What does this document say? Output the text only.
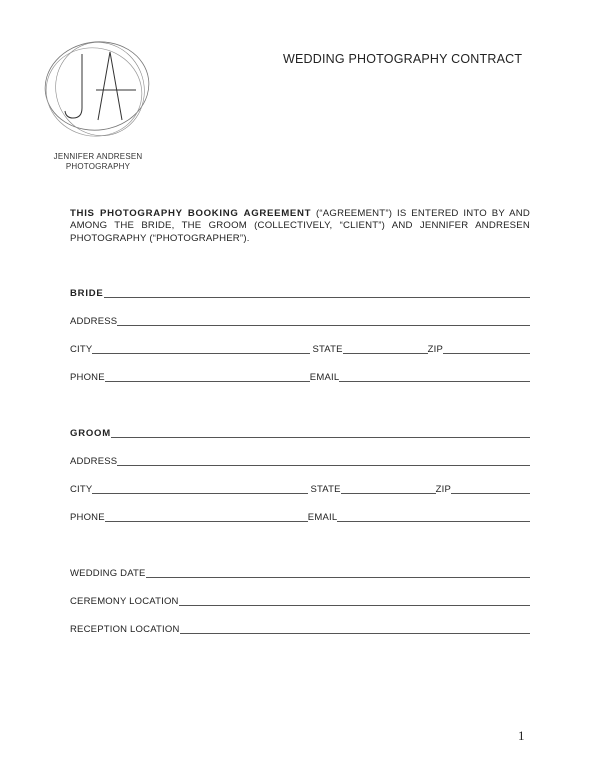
JENNIFER ANDRESEN
PHOTOGRAPHY
WEDDING PHOTOGRAPHY CONTRACT
THIS PHOTOGRAPHY BOOKING AGREEMENT (“AGREEMENT”) IS ENTERED INTO BY AND AMONG THE BRIDE, THE GROOM (COLLECTIVELY, “CLIENT”) AND JENNIFER ANDRESEN PHOTOGRAPHY (“PHOTOGRAPHER”).
BRIDE
ADDRESS
CITY	STATE	ZIP
PHONE	EMAIL
GROOM
ADDRESS
CITY	STATE	ZIP
PHONE	EMAIL
WEDDING DATE
CEREMONY LOCATION
RECEPTION LOCATION
1
